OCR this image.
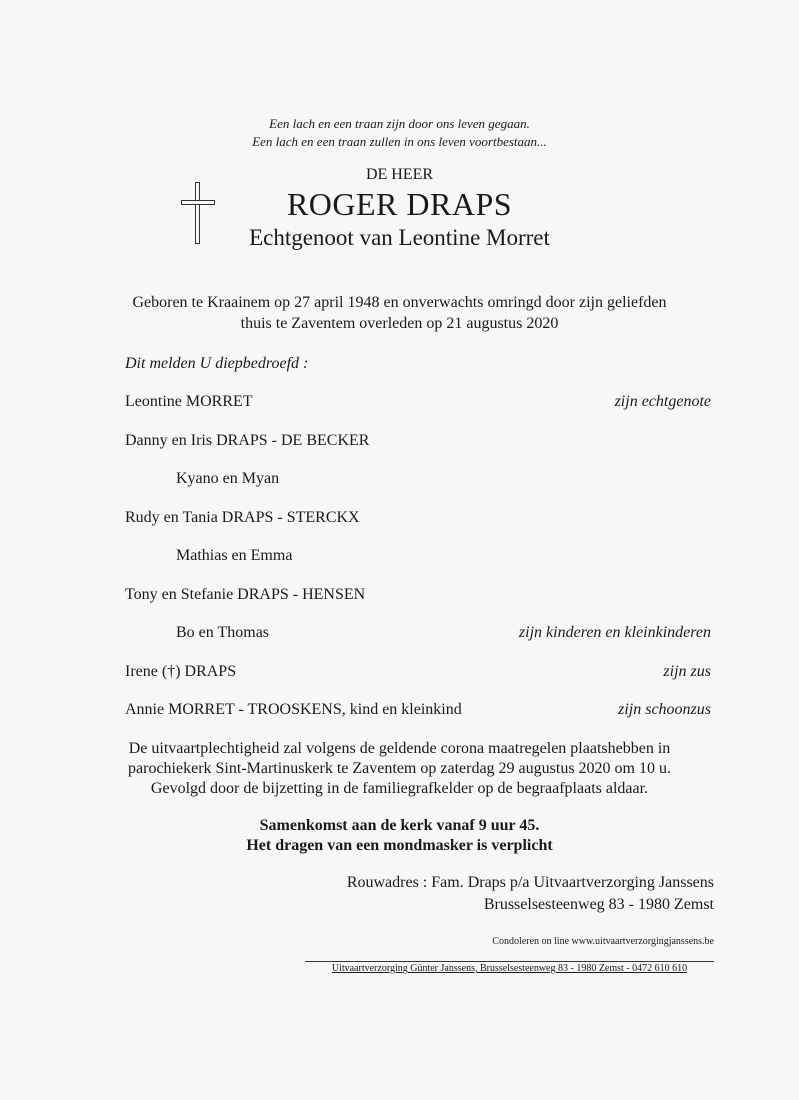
Een lach en een traan zijn door ons leven gegaan.
Een lach en een traan zullen in ons leven voortbestaan...
DE HEER
ROGER DRAPS
Echtgenoot van Leontine Morret
Geboren te Kraainem op 27 april 1948 en onverwachts omringd door zijn geliefden
thuis te Zaventem overleden op 21 augustus 2020
Dit melden U diepbedroefd :
Leontine MORRET	zijn echtgenote
Danny en Iris DRAPS - DE BECKER
Kyano en Myan
Rudy en Tania DRAPS - STERCKX
Mathias en Emma
Tony en Stefanie DRAPS - HENSEN
Bo en Thomas	zijn kinderen en kleinkinderen
Irene (†) DRAPS	zijn zus
Annie MORRET - TROOSKENS, kind en kleinkind	zijn schoonzus
De uitvaartplechtigheid zal volgens de geldende corona maatregelen plaatshebben in
parochiekerk Sint-Martinuskerk te Zaventem op zaterdag 29 augustus 2020 om 10 u.
Gevolgd door de bijzetting in de familiegrafkelder op de begraafplaats aldaar.
Samenkomst aan de kerk vanaf 9 uur 45.
Het dragen van een mondmasker is verplicht
Rouwadres : Fam. Draps p/a Uitvaartverzorging Janssens
Brusselsesteenweg 83 - 1980 Zemst
Condoleren on line www.uitvaartverzorgingjanssens.be
Uitvaartverzorging Günter Janssens, Brusselsesteenweg 83 - 1980 Zemst - 0472 610 610
